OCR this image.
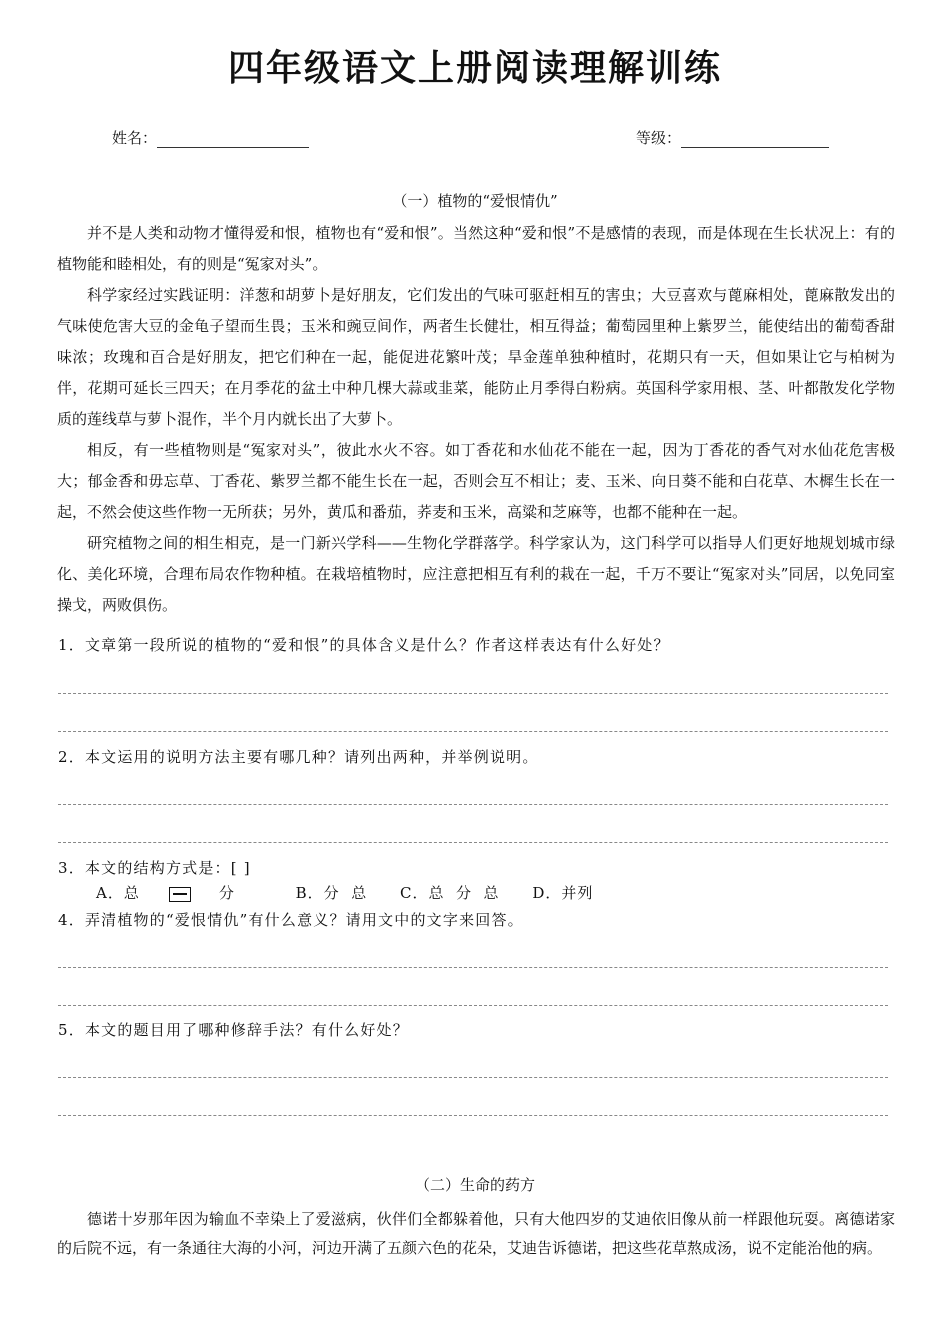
四年级语文上册阅读理解训练
姓名：	等级：
（一）植物的“爱恨情仇”

并不是人类和动物才懂得爱和恨，植物也有“爱和恨”。当然这种“爱和恨”不是感情的表现，而是体现在生长状况上：有的植物能和睦相处，有的则是“冤家对头”。

科学家经过实践证明：洋葱和胡萝卜是好朋友，它们发出的气味可驱赶相互的害虫；大豆喜欢与蓖麻相处，蓖麻散发出的气味使危害大豆的金龟子望而生畏；玉米和豌豆间作，两者生长健壮，相互得益；葡萄园里种上紫罗兰，能使结出的葡萄香甜味浓；玫瑰和百合是好朋友，把它们种在一起，能促进花繁叶茂；旱金莲单独种植时，花期只有一天，但如果让它与柏树为伴，花期可延长三四天；在月季花的盆土中种几棵大蒜或韭菜，能防止月季得白粉病。英国科学家用根、茎、叶都散发化学物质的莲线草与萝卜混作，半个月内就长出了大萝卜。

相反，有一些植物则是“冤家对头”，彼此水火不容。如丁香花和水仙花不能在一起，因为丁香花的香气对水仙花危害极大；郁金香和毋忘草、丁香花、紫罗兰都不能生长在一起，否则会互不相让；麦、玉米、向日葵不能和白花草、木樨生长在一起，不然会使这些作物一无所获；另外，黄瓜和番茄，荞麦和玉米，高粱和芝麻等，也都不能种在一起。

研究植物之间的相生相克，是一门新兴学科——生物化学群落学。科学家认为，这门科学可以指导人们更好地规划城市绿化、美化环境，合理布局农作物种植。在栽培植物时，应注意把相互有利的栽在一起，千万不要让“冤家对头”同居，以免同室操戈，两败俱伤。

1．文章第一段所说的植物的“爱和恨”的具体含义是什么？作者这样表达有什么好处？
2．本文运用的说明方法主要有哪几种？请列出两种，并举例说明。
3．本文的结构方式是：[ ]
A．总	分	B．分  总 C．总  分  总 D．并列
4．弄清植物的“爱恨情仇”有什么意义？请用文中的文字来回答。
5．本文的题目用了哪种修辞手法？有什么好处？
（二）生命的药方

德诺十岁那年因为输血不幸染上了爱滋病，伙伴们全都躲着他，只有大他四岁的艾迪依旧像从前一样跟他玩耍。离德诺家的后院不远，有一条通往大海的小河，河边开满了五颜六色的花朵，艾迪告诉德诺，把这些花草熬成汤，说不定能治他的病。
